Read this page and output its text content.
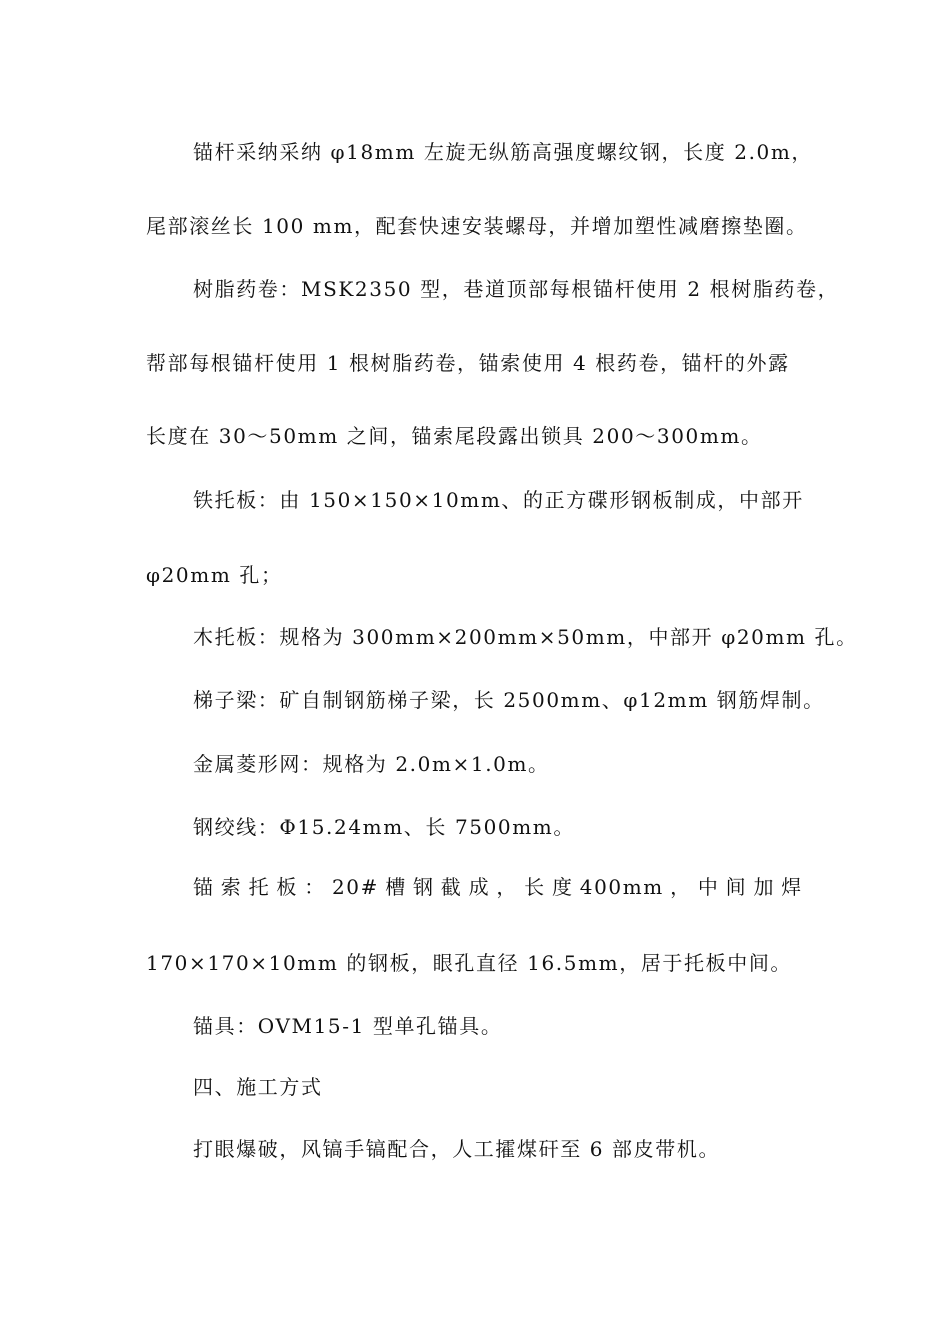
锚杆采纳采纳 φ18mm 左旋无纵筋高强度螺纹钢，长度 2.0m，
尾部滚丝长 100 mm，配套快速安装螺母，并增加塑性减磨擦垫圈。
树脂药卷：MSK2350 型，巷道顶部每根锚杆使用 2 根树脂药卷，
帮部每根锚杆使用 1 根树脂药卷，锚索使用 4 根药卷，锚杆的外露
长度在 30～50mm 之间，锚索尾段露出锁具 200～300mm。
铁托板：由 150×150×10mm、的正方碟形钢板制成，中部开
φ20mm 孔；
木托板：规格为 300mm×200mm×50mm，中部开 φ20mm 孔。
梯子梁：矿自制钢筋梯子梁，长 2500mm、φ12mm 钢筋焊制。
金属菱形网：规格为 2.0m×1.0m。
钢绞线：Φ15.24mm、长 7500mm。
锚 索 托 板 ： 20# 槽 钢 截 成 ， 长 度 400mm ， 中 间 加 焊
170×170×10mm 的钢板，眼孔直径 16.5mm，居于托板中间。
锚具：OVM15-1 型单孔锚具。
四、施工方式
打眼爆破，风镐手镐配合，人工攉煤矸至 6 部皮带机。
